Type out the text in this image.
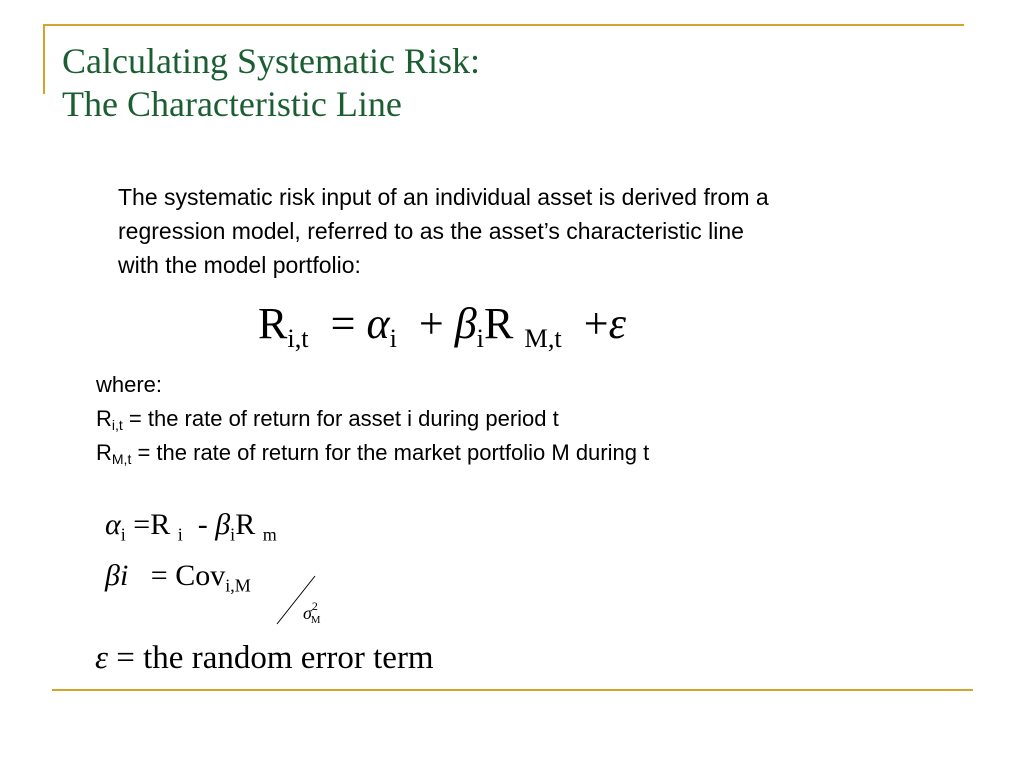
Calculating Systematic Risk:
The Characteristic Line

The systematic risk input of an individual asset is derived from a
regression model, referred to as the asset’s characteristic line
with the model portfolio:

$R_{i,t} = \alpha_i + \beta_iR$ $_{M,t}$ +ε
where:
$R_{i,t}$ = the rate of return for asset i during period t
$R_{M,t}$ = the rate of return for the market portfolio M during t
$\alpha_i =R$ $_i - \beta_iR$ $_m$
βi = Cov$_{i,M}$
$\sigma^2_M$
ε = the random error term
